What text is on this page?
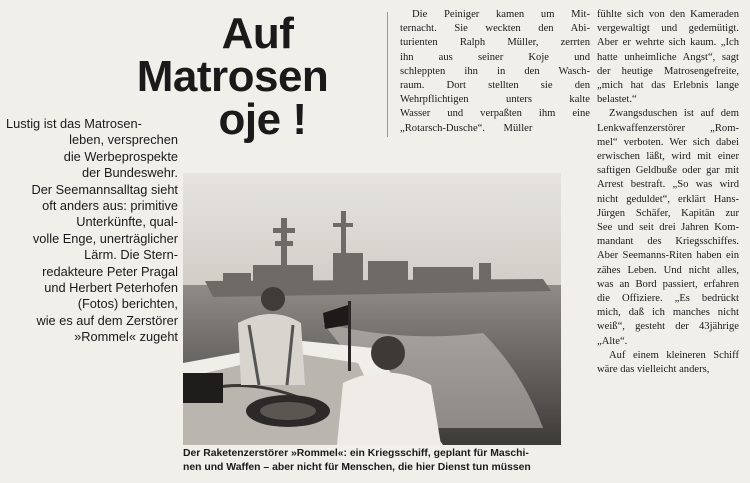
Auf
Matrosen
oje !
Lustig ist das Matrosen-
leben, versprechen
die Werbeprospekte
der Bundeswehr.
Der Seemannsalltag sieht
oft anders aus: primitive
Unterkünfte, qual-
volle Enge, unerträglicher
Lärm. Die Stern-
redakteure Peter Pragal
und Herbert Peterhofen
(Fotos) berichten,
wie es auf dem Zerstörer
»Rommel« zugeht
Die Peiniger kamen um Mit-
ternacht. Sie weckten den Abi-
turienten Ralph Müller, zerrten
ihn aus seiner Koje und
schleppten ihn in den Wasch-
raum. Dort stellten sie den
Wehrpflichtigen unters kalte
Wasser und verpaßten ihm eine
„Rotarsch-Dusche“.       Müller
fühlte sich von den Kameraden
vergewaltigt und gedemütigt.
Aber er wehrte sich kaum. „Ich
hatte unheimliche Angst“, sagt
der heutige Matrosengefreite,
„mich hat das Erlebnis lange
belastet.“
Zwangsduschen ist auf dem
Lenkwaffenzerstörer „Rom-
mel“ verboten. Wer sich dabei
erwischen läßt, wird mit einer
saftigen Geldbuße oder gar mit
Arrest bestraft. „So was wird
nicht geduldet“, erklärt Hans-
Jürgen Schäfer, Kapitän zur
See und seit drei Jahren Kom-
mandant des Kriegsschiffes.
Aber Seemanns-Riten haben ein
zähes Leben. Und nicht alles,
was an Bord passiert, erfahren
die Offiziere. „Es bedrückt
mich, daß ich manches nicht
weiß“, gesteht der 43jährige
„Alte“.
Auf einem kleineren Schiff
wäre das vielleicht anders,
Der Raketenzerstörer »Rommel«: ein Kriegsschiff, geplant für Maschi-
nen und Waffen – aber nicht für Menschen, die hier Dienst tun müssen
